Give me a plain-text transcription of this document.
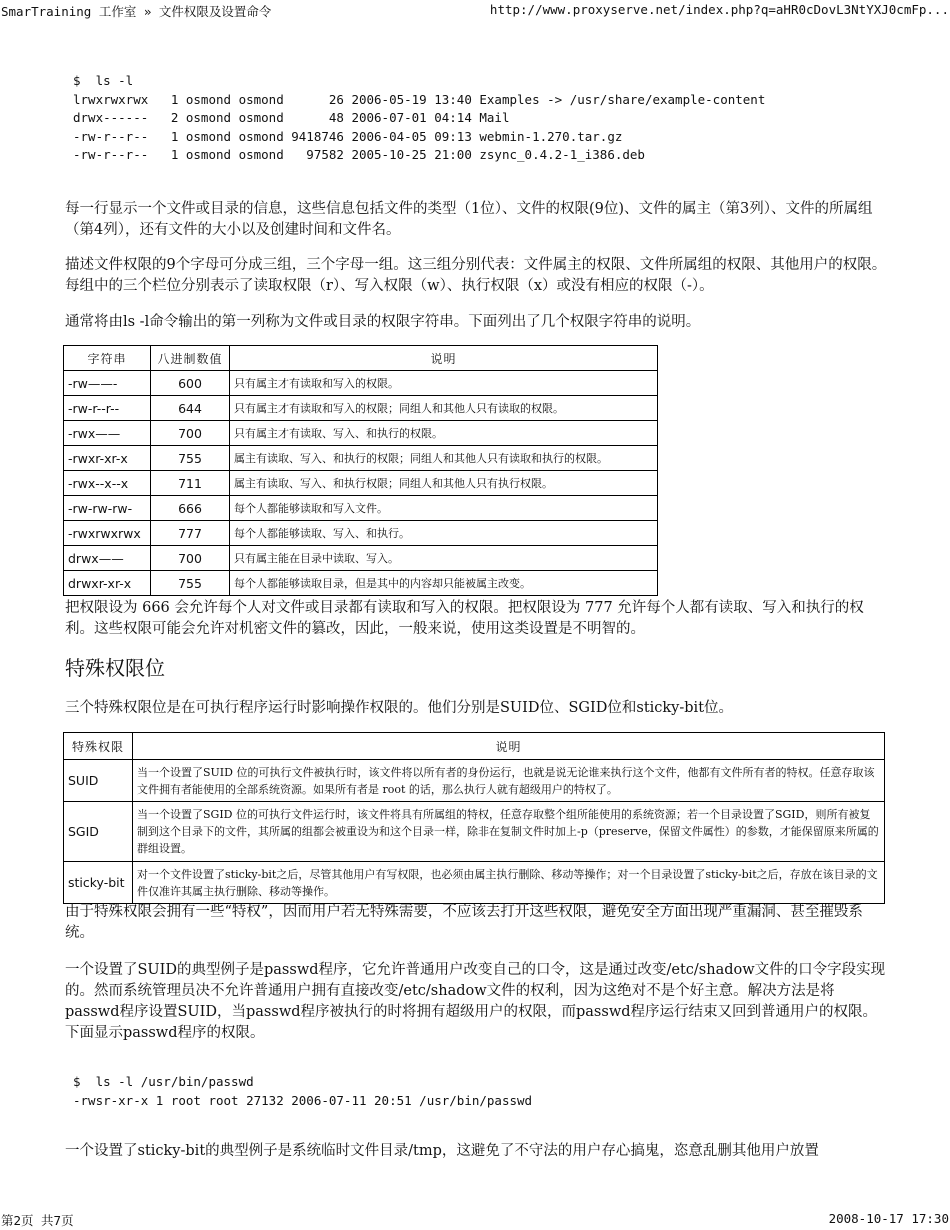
SmarTraining 工作室 » 文件权限及设置命令	http://www.proxyserve.net/index.php?q=aHR0cDovL3NtYXJ0cmFp...
$  ls -l
lrwxrwxrwx   1 osmond osmond      26 2006-05-19 13:40 Examples -> /usr/share/example-content
drwx------   2 osmond osmond      48 2006-07-01 04:14 Mail
-rw-r--r--   1 osmond osmond 9418746 2006-04-05 09:13 webmin-1.270.tar.gz
-rw-r--r--   1 osmond osmond   97582 2005-10-25 21:00 zsync_0.4.2-1_i386.deb
每一行显示一个文件或目录的信息，这些信息包括文件的类型（1位）、文件的权限(9位)、文件的属主（第3列）、文件的所属组（第4列），还有文件的大小以及创建时间和文件名。
描述文件权限的9个字母可分成三组，三个字母一组。这三组分别代表：文件属主的权限、文件所属组的权限、其他用户的权限。每组中的三个栏位分别表示了读取权限（r）、写入权限（w）、执行权限（x）或没有相应的权限（-）。
通常将由ls -l命令输出的第一列称为文件或目录的权限字符串。下面列出了几个权限字符串的说明。
字符串	八进制数值	说明
-rw——-	600	只有属主才有读取和写入的权限。
-rw-r--r--	644	只有属主才有读取和写入的权限；同组人和其他人只有读取的权限。
-rwx——	700	只有属主才有读取、写入、和执行的权限。
-rwxr-xr-x	755	属主有读取、写入、和执行的权限；同组人和其他人只有读取和执行的权限。
-rwx--x--x	711	属主有读取、写入、和执行权限；同组人和其他人只有执行权限。
-rw-rw-rw-	666	每个人都能够读取和写入文件。
-rwxrwxrwx	777	每个人都能够读取、写入、和执行。
drwx——	700	只有属主能在目录中读取、写入。
drwxr-xr-x	755	每个人都能够读取目录，但是其中的内容却只能被属主改变。
把权限设为 666 会允许每个人对文件或目录都有读取和写入的权限。把权限设为 777 允许每个人都有读取、写入和执行的权利。这些权限可能会允许对机密文件的篡改，因此，一般来说，使用这类设置是不明智的。
特殊权限位
三个特殊权限位是在可执行程序运行时影响操作权限的。他们分别是SUID位、SGID位和sticky-bit位。
特殊权限	说明
SUID	当一个设置了SUID 位的可执行文件被执行时，该文件将以所有者的身份运行，也就是说无论谁来执行这个文件，他都有文件所有者的特权。任意存取该文件拥有者能使用的全部系统资源。如果所有者是 root 的话，那么执行人就有超级用户的特权了。
SGID	当一个设置了SGID 位的可执行文件运行时，该文件将具有所属组的特权，任意存取整个组所能使用的系统资源；若一个目录设置了SGID，则所有被复制到这个目录下的文件，其所属的组都会被重设为和这个目录一样，除非在复制文件时加上-p（preserve，保留文件属性）的参数，才能保留原来所属的群组设置。
sticky-bit	对一个文件设置了sticky-bit之后，尽管其他用户有写权限，也必须由属主执行删除、移动等操作；对一个目录设置了sticky-bit之后，存放在该目录的文件仅准许其属主执行删除、移动等操作。
由于特殊权限会拥有一些“特权”，因而用户若无特殊需要，不应该去打开这些权限，避免安全方面出现严重漏洞、甚至摧毁系统。
一个设置了SUID的典型例子是passwd程序，它允许普通用户改变自己的口令，这是通过改变/etc/shadow文件的口令字段实现的。然而系统管理员决不允许普通用户拥有直接改变/etc/shadow文件的权利，因为这绝对不是个好主意。解决方法是将passwd程序设置SUID，当passwd程序被执行的时将拥有超级用户的权限，而passwd程序运行结束又回到普通用户的权限。下面显示passwd程序的权限。
$  ls -l /usr/bin/passwd
-rwsr-xr-x 1 root root 27132 2006-07-11 20:51 /usr/bin/passwd
一个设置了sticky-bit的典型例子是系统临时文件目录/tmp，这避免了不守法的用户存心搞鬼，恣意乱删其他用户放置
第2页 共7页	2008-10-17 17:30
